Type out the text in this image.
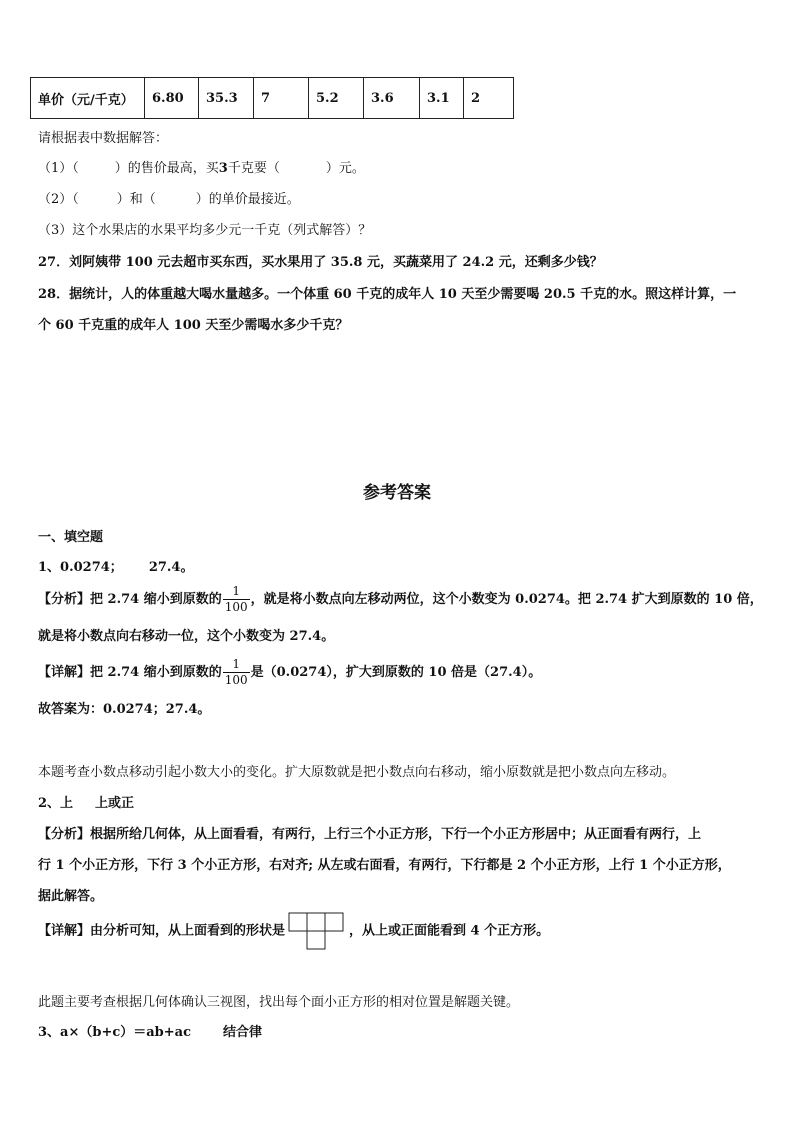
单价（元/千克）	6.80	35.3	7	5.2	3.6	3.1	2
请根据表中数据解答：
（1）（	）的售价最高，买3千克要（	）元。
（2）（	）和（	）的单价最接近。
（3）这个水果店的水果平均多少元一千克（列式解答）？
27．刘阿姨带 100 元去超市买东西，买水果用了 35.8 元，买蔬菜用了 24.2 元，还剩多少钱？
28．据统计，人的体重越大喝水量越多。一个体重 60 千克的成年人 10 天至少需要喝 20.5 千克的水。照这样计算，一
个 60 千克重的成年人 100 天至少需喝水多少千克？
参考答案
一、填空题
1、0.0274； 27.4。
【分析】把 2.74 缩小到原数的 $\frac{1}{100}$ ，就是将小数点向左移动两位，这个小数变为 0.0274。把 2.74 扩大到原数的 10 倍，
就是将小数点向右移动一位，这个小数变为 27.4。
【详解】把 2.74 缩小到原数的 $\frac{1}{100}$ 是（0.0274），扩大到原数的 10 倍是（27.4）。
故答案为：0.0274；27.4。
本题考查小数点移动引起小数大小的变化。扩大原数就是把小数点向右移动，缩小原数就是把小数点向左移动。
2、上 上或正
【分析】根据所给几何体，从上面看看，有两行，上行三个小正方形，下行一个小正方形居中；从正面看有两行，上
行 1 个小正方形，下行 3 个小正方形，右对齐; 从左或右面看，有两行，下行都是 2 个小正方形，上行 1 个小正方形，
据此解答。
【详解】由分析可知，从上面看到的形状是	，从上或正面能看到 4 个正方形。
此题主要考查根据几何体确认三视图，找出每个面小正方形的相对位置是解题关键。
3、a×（b+c）＝ab+ac 结合律
